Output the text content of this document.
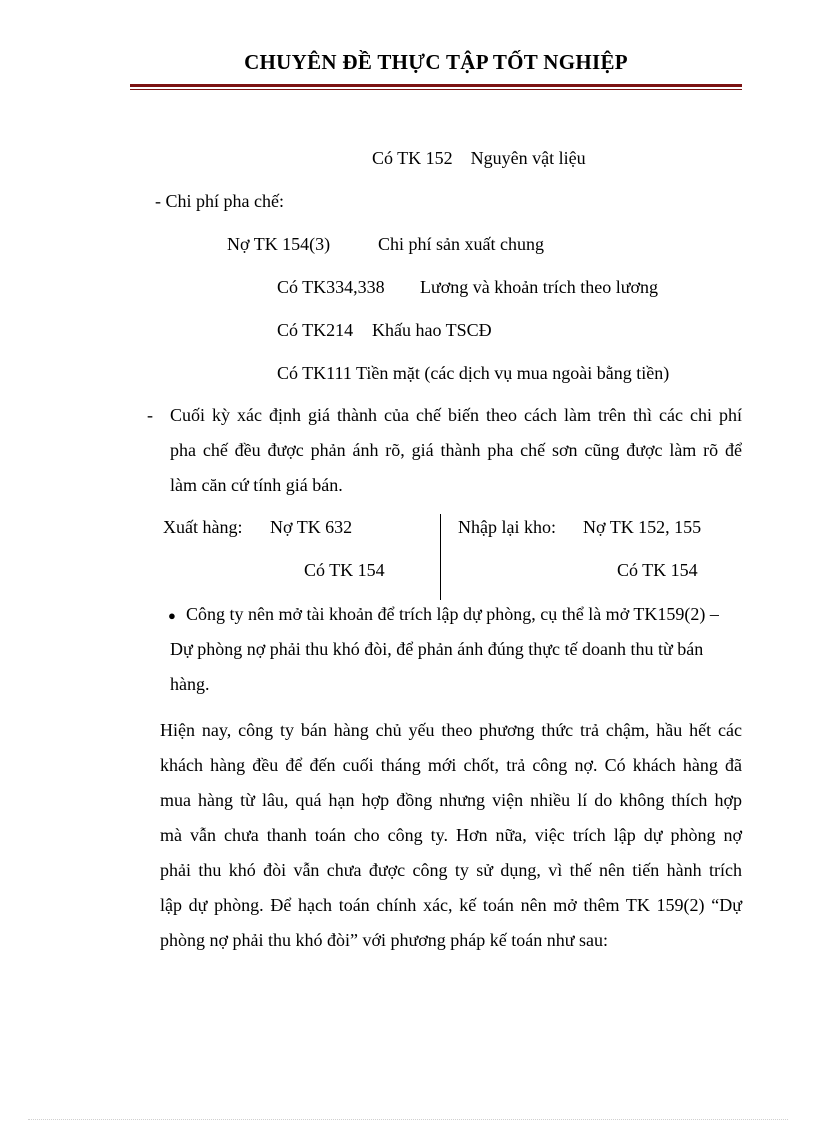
CHUYÊN ĐỀ THỰC TẬP TỐT NGHIỆP
Có TK 152    Nguyên vật liệu
- Chi phí pha chế:
Nợ TK 154(3)	Chi phí sản xuất chung
Có TK334,338 Lương và khoản trích theo lương
Có TK214 Khấu hao TSCĐ
Có TK111 Tiền mặt (các dịch vụ mua ngoài bằng tiền)
- Cuối kỳ xác định giá thành của chế biến theo cách làm trên thì các chi phí
pha chế đều được phản ánh rõ, giá thành pha chế sơn cũng được làm rõ để
làm căn cứ tính giá bán.
Xuất hàng: Nợ TK 632
Có TK 154
Nhập lại kho: Nợ TK 152, 155
Có TK 154
● Công ty nên mở tài khoản để trích lập dự phòng, cụ thể là mở TK159(2) –
Dự phòng nợ phải thu khó đòi, để phản ánh đúng thực tế doanh thu từ bán
hàng.
Hiện nay, công ty bán hàng chủ yếu theo phương thức trả chậm, hầu hết các
khách hàng đều để đến cuối tháng mới chốt, trả công nợ. Có khách hàng đã
mua hàng từ lâu, quá hạn hợp đồng nhưng viện nhiều lí do không thích hợp
mà vẫn chưa thanh toán cho công ty. Hơn nữa, việc trích lập dự phòng nợ
phải thu khó đòi vẫn chưa được công ty sử dụng, vì thế nên tiến hành trích
lập dự phòng. Để hạch toán chính xác, kế toán nên mở thêm TK 159(2) “Dự
phòng nợ phải thu khó đòi” với phương pháp kế toán như sau:
